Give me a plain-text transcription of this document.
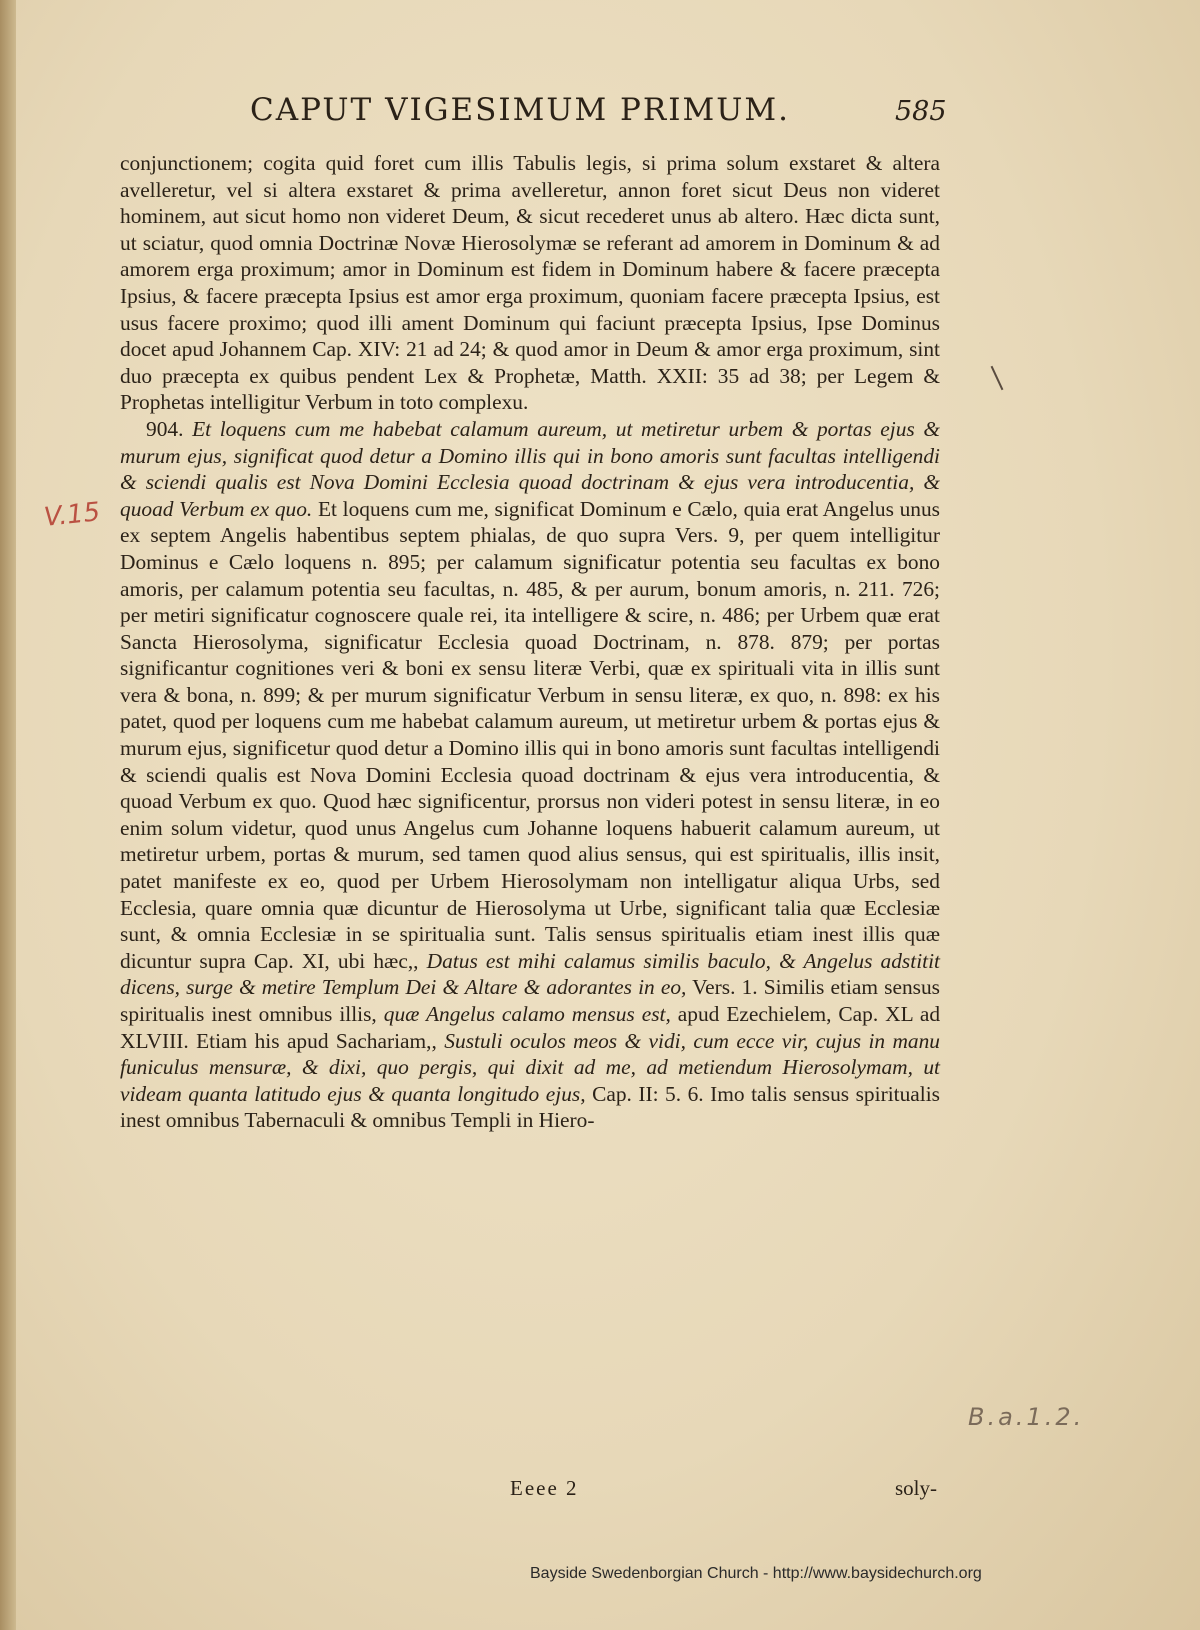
CAPUT VIGESIMUM PRIMUM.	585

conjunctionem; cogita quid foret cum illis Tabulis legis, si prima solum exstaret & altera avelleretur, vel si altera exstaret & prima avelleretur, annon foret sicut Deus non videret hominem, aut sicut homo non videret Deum, & sicut recederet unus ab altero. Hæc dicta sunt, ut sciatur, quod omnia Doctrinæ Novæ Hierosolymæ se referant ad amorem in Dominum & ad amorem erga proximum; amor in Dominum est fidem in Dominum habere & facere præcepta Ipsius, & facere præcepta Ipsius est amor erga proximum, quoniam facere præcepta Ipsius, est usus facere proximo; quod illi ament Dominum qui faciunt præcepta Ipsius, Ipse Dominus docet apud Johannem Cap. XIV: 21 ad 24; & quod amor in Deum & amor erga proximum, sint duo præcepta ex quibus pendent Lex & Prophetæ, Matth. XXII: 35 ad 38; per Legem & Prophetas intelligitur Verbum in toto complexu.

904. Et loquens cum me habebat calamum aureum, ut metiretur urbem & portas ejus & murum ejus, significat quod detur a Domino illis qui in bono amoris sunt facultas intelligendi & sciendi qualis est Nova Domini Ecclesia quoad doctrinam & ejus vera introducentia, & quoad Verbum ex quo. Et loquens cum me, significat Dominum e Cælo, quia erat Angelus unus ex septem Angelis habentibus septem phialas, de quo supra Vers. 9, per quem intelligitur Dominus e Cælo loquens n. 895; per calamum significatur potentia seu facultas ex bono amoris, per calamum potentia seu facultas, n. 485, & per aurum, bonum amoris, n. 211. 726; per metiri significatur cognoscere quale rei, ita intelligere & scire, n. 486; per Urbem quæ erat Sancta Hierosolyma, significatur Ecclesia quoad Doctrinam, n. 878. 879; per portas significantur cognitiones veri & boni ex sensu literæ Verbi, quæ ex spirituali vita in illis sunt vera & bona, n. 899; & per murum significatur Verbum in sensu literæ, ex quo, n. 898: ex his patet, quod per loquens cum me habebat calamum aureum, ut metiretur urbem & portas ejus & murum ejus, significetur quod detur a Domino illis qui in bono amoris sunt facultas intelligendi & sciendi qualis est Nova Domini Ecclesia quoad doctrinam & ejus vera introducentia, & quoad Verbum ex quo. Quod hæc significentur, prorsus non videri potest in sensu literæ, in eo enim solum videtur, quod unus Angelus cum Johanne loquens habuerit calamum aureum, ut metiretur urbem, portas & murum, sed tamen quod alius sensus, qui est spiritualis, illis insit, patet manifeste ex eo, quod per Urbem Hierosolymam non intelligatur aliqua Urbs, sed Ecclesia, quare omnia quæ dicuntur de Hierosolyma ut Urbe, significant talia quæ Ecclesiæ sunt, & omnia Ecclesiæ in se spiritualia sunt. Talis sensus spiritualis etiam inest illis quæ dicuntur supra Cap. XI, ubi hæc,, Datus est mihi calamus similis baculo, & Angelus adstitit dicens, surge & metire Templum Dei & Altare & adorantes in eo, Vers. 1. Similis etiam sensus spiritualis inest omnibus illis, quæ Angelus calamo mensus est, apud Ezechielem, Cap. XL ad XLVIII. Etiam his apud Sachariam,, Sustuli oculos meos & vidi, cum ecce vir, cujus in manu funiculus mensuræ, & dixi, quo pergis, qui dixit ad me, ad metiendum Hierosolymam, ut videam quanta latitudo ejus & quanta longitudo ejus, Cap. II: 5. 6. Imo talis sensus spiritualis inest omnibus Tabernaculi & omnibus Templi in Hiero-

V.15
B.a.1.2.
Eeee 2	soly-
Bayside Swedenborgian Church - http://www.baysidechurch.org
